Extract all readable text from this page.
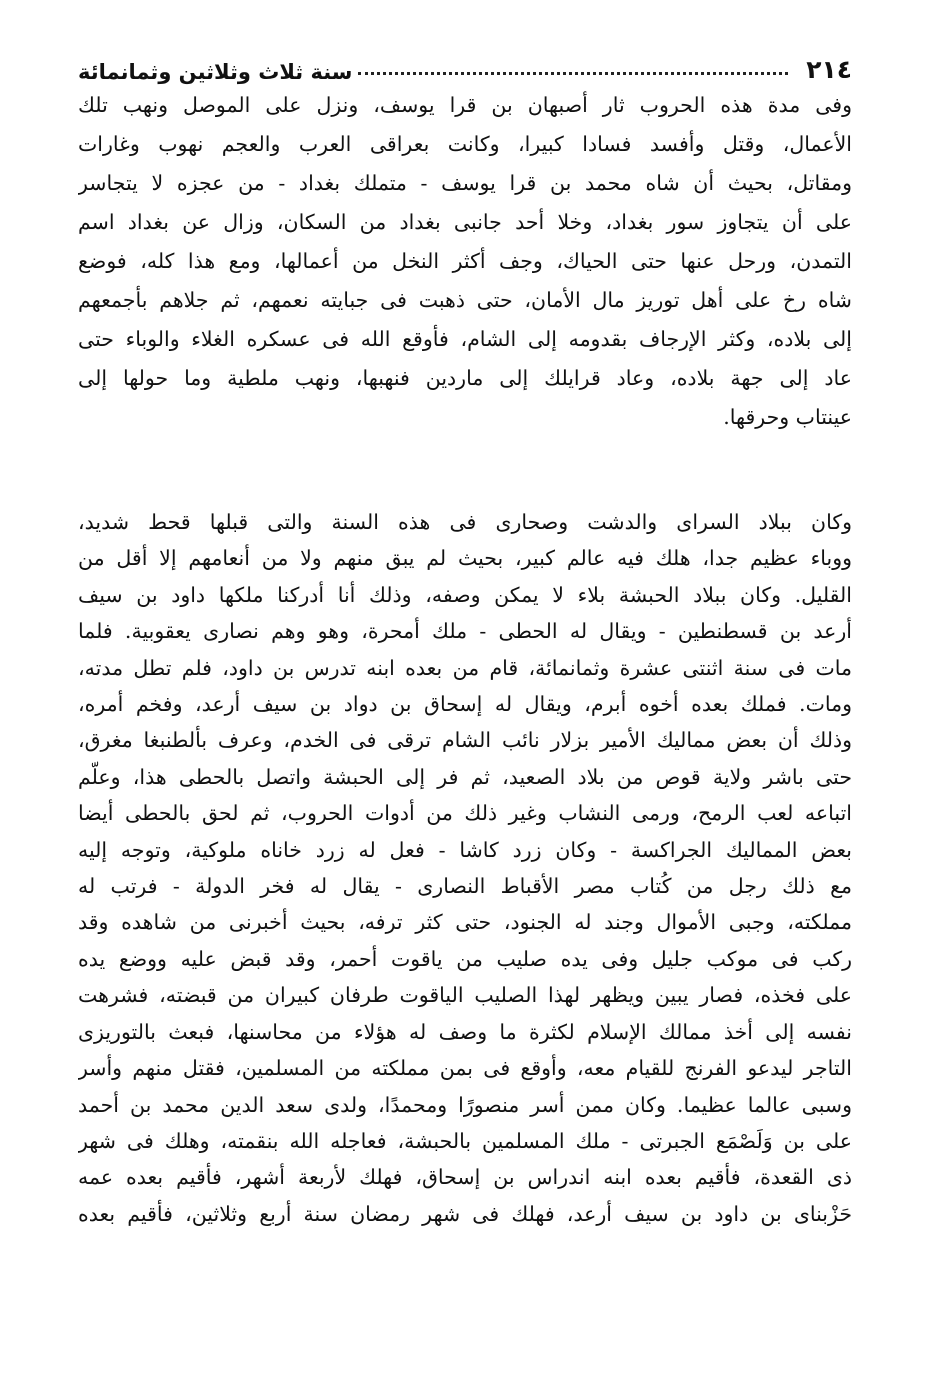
٢١٤
سنة ثلاث وثلاثين وثمانمائة
وفى مدة هذه الحروب ثار أصبهان بن قرا يوسف، ونزل على الموصل ونهب تلك
الأعمال، وقتل وأفسد فسادا كبيرا، وكانت بعراقى العرب والعجم نهوب وغارات
ومقاتل، بحيث أن شاه محمد بن قرا يوسف - متملك بغداد - من عجزه لا يتجاسر
على أن يتجاوز سور بغداد، وخلا أحد جانبى بغداد من السكان، وزال عن بغداد اسم
التمدن، ورحل عنها حتى الحياك، وجف أكثر النخل من أعمالها، ومع هذا كله، فوضع
شاه رخ على أهل توريز مال الأمان، حتى ذهبت فى جبايته نعمهم، ثم جلاهم بأجمعهم
إلى بلاده، وكثر الإرجاف بقدومه إلى الشام، فأوقع الله فى عسكره الغلاء والوباء حتى
عاد إلى جهة بلاده، وعاد قرايلك إلى ماردين فنهبها، ونهب ملطية وما حولها إلى
عينتاب وحرقها.
وكان ببلاد السراى والدشت وصحارى فى هذه السنة والتى قبلها قحط شديد،
ووباء عظيم جدا، هلك فيه عالم كبير، بحيث لم يبق منهم ولا من أنعامهم إلا أقل من
القليل. وكان ببلاد الحبشة بلاء لا يمكن وصفه، وذلك أنا أدركنا ملكها داود بن سيف
أرعد بن قسطنطين - ويقال له الحطى - ملك أمحرة، وهو وهم نصارى يعقوبية. فلما
مات فى سنة اثنتى عشرة وثمانمائة، قام من بعده ابنه تدرس بن داود، فلم تطل مدته،
ومات. فملك بعده أخوه أبرم، ويقال له إسحاق بن دواد بن سيف أرعد، وفخم أمره،
وذلك أن بعض مماليك الأمير بزلار نائب الشام ترقى فى الخدم، وعرف بألطنبغا مغرق،
حتى باشر ولاية قوص من بلاد الصعيد، ثم فر إلى الحبشة واتصل بالحطى هذا، وعلّم
اتباعه لعب الرمح، ورمى النشاب وغير ذلك من أدوات الحروب، ثم لحق بالحطى أيضا
بعض المماليك الجراكسة - وكان زرد كاشا - فعل له زرد خاناه ملوكية، وتوجه إليه
مع ذلك رجل من كُتاب مصر الأقباط النصارى - يقال له فخر الدولة - فرتب له
مملكته، وجبى الأموال وجند له الجنود، حتى كثر ترفه، بحيث أخبرنى من شاهده وقد
ركب فى موكب جليل وفى يده صليب من ياقوت أحمر، وقد قبض عليه ووضع يده
على فخذه، فصار يبين ويظهر لهذا الصليب الياقوت طرفان كبيران من قبضته، فشرهت
نفسه إلى أخذ ممالك الإسلام لكثرة ما وصف له هؤلاء من محاسنها، فبعث بالتوريزى
التاجر ليدعو الفرنج للقيام معه، وأوقع فى بمن مملكته من المسلمين، فقتل منهم وأسر
وسبى عالما عظيما. وكان ممن أسر منصورًا ومحمدًا، ولدى سعد الدين محمد بن أحمد
على بن وَلَصْمَع الجبرتى - ملك المسلمين بالحبشة، فعاجله الله بنقمته، وهلك فى شهر
ذى القعدة، فأقيم بعده ابنه اندراس بن إسحاق، فهلك لأربعة أشهر، فأقيم بعده عمه
حَزْبناى بن داود بن سيف أرعد، فهلك فى شهر رمضان سنة أربع وثلاثين، فأقيم بعده
